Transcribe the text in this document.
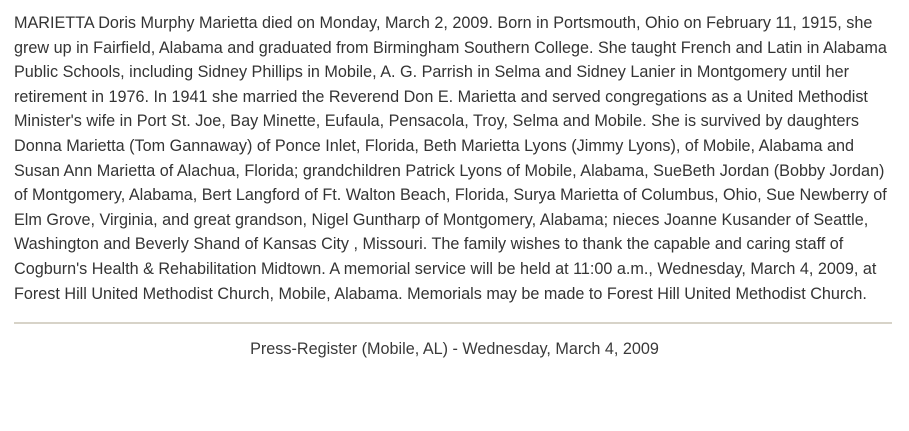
MARIETTA Doris Murphy Marietta died on Monday, March 2, 2009. Born in Portsmouth, Ohio on February 11, 1915, she grew up in Fairfield, Alabama and graduated from Birmingham Southern College. She taught French and Latin in Alabama Public Schools, including Sidney Phillips in Mobile, A. G. Parrish in Selma and Sidney Lanier in Montgomery until her retirement in 1976. In 1941 she married the Reverend Don E. Marietta and served congregations as a United Methodist Minister's wife in Port St. Joe, Bay Minette, Eufaula, Pensacola, Troy, Selma and Mobile. She is survived by daughters Donna Marietta (Tom Gannaway) of Ponce Inlet, Florida, Beth Marietta Lyons (Jimmy Lyons), of Mobile, Alabama and Susan Ann Marietta of Alachua, Florida; grandchildren Patrick Lyons of Mobile, Alabama, SueBeth Jordan (Bobby Jordan) of Montgomery, Alabama, Bert Langford of Ft. Walton Beach, Florida, Surya Marietta of Columbus, Ohio, Sue Newberry of Elm Grove, Virginia, and great grandson, Nigel Guntharp of Montgomery, Alabama; nieces Joanne Kusander of Seattle, Washington and Beverly Shand of Kansas City , Missouri. The family wishes to thank the capable and caring staff of Cogburn's Health & Rehabilitation Midtown. A memorial service will be held at 11:00 a.m., Wednesday, March 4, 2009, at Forest Hill United Methodist Church, Mobile, Alabama. Memorials may be made to Forest Hill United Methodist Church.

Press-Register (Mobile, AL) - Wednesday, March 4, 2009
